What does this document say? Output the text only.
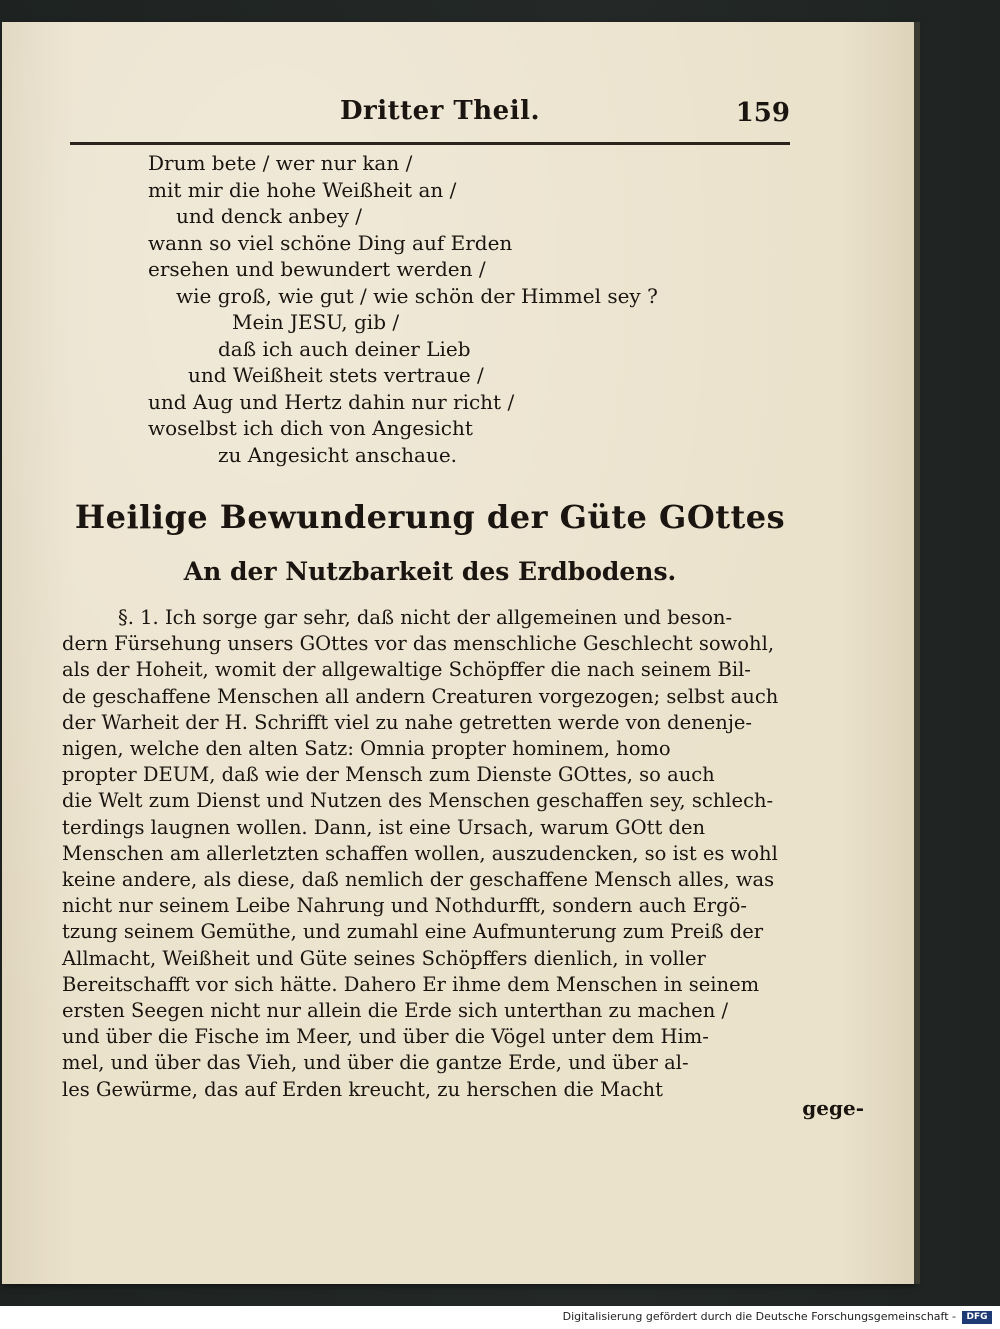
Dritter Theil.	159
Drum bete / wer nur kan /
mit mir die hohe Weißheit an /
und denck anbey /
wann so viel schöne Ding auf Erden
ersehen und bewundert werden /
wie groß, wie gut / wie schön der Himmel sey ?
Mein JESU, gib /
daß ich auch deiner Lieb
und Weißheit stets vertraue /
und Aug und Hertz dahin nur richt /
woselbst ich dich von Angesicht
zu Angesicht anschaue.
Heilige Bewunderung der Güte GOttes
An der Nutzbarkeit des Erdbodens.
§. 1. Ich sorge gar sehr, daß nicht der allgemeinen und beson-
dern Fürsehung unsers GOttes vor das menschliche Geschlecht sowohl,
als der Hoheit, womit der allgewaltige Schöpffer die nach seinem Bil-
de geschaffene Menschen all andern Creaturen vorgezogen; selbst auch
der Warheit der H. Schrifft viel zu nahe getretten werde von denenje-
nigen, welche den alten Satz: Omnia propter hominem, homo
propter DEUM, daß wie der Mensch zum Dienste GOttes, so auch
die Welt zum Dienst und Nutzen des Menschen geschaffen sey, schlech-
terdings laugnen wollen. Dann, ist eine Ursach, warum GOtt den
Menschen am allerletzten schaffen wollen, auszudencken, so ist es wohl
keine andere, als diese, daß nemlich der geschaffene Mensch alles, was
nicht nur seinem Leibe Nahrung und Nothdurfft, sondern auch Ergö-
tzung seinem Gemüthe, und zumahl eine Aufmunterung zum Preiß der
Allmacht, Weißheit und Güte seines Schöpffers dienlich, in voller
Bereitschafft vor sich hätte. Dahero Er ihme dem Menschen in seinem
ersten Seegen nicht nur allein die Erde sich unterthan zu machen /
und über die Fische im Meer, und über die Vögel unter dem Him-
mel, und über das Vieh, und über die gantze Erde, und über al-
les Gewürme, das auf Erden kreucht, zu herschen die Macht
gege-
Digitalisierung gefördert durch die Deutsche Forschungsgemeinschaft -	DFG
